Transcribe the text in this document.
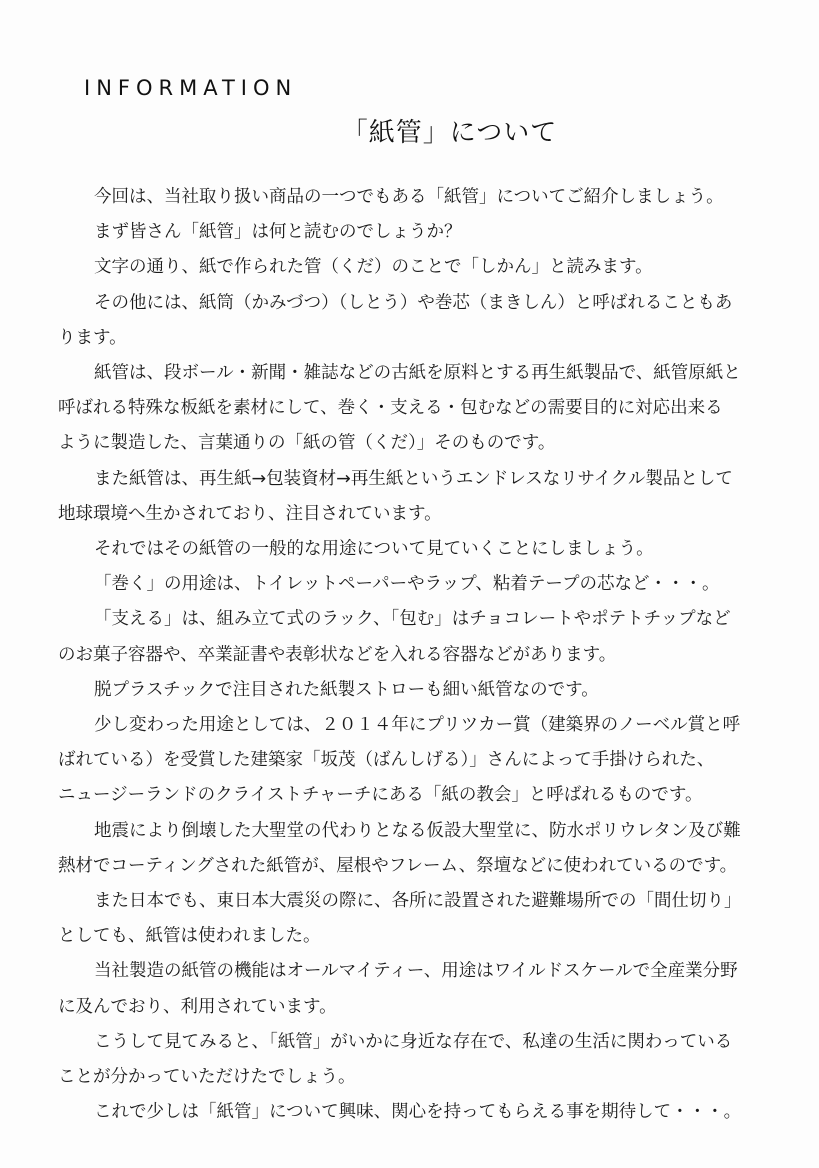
INFORMATION
「紙管」について

今回は、当社取り扱い商品の一つでもある「紙管」についてご紹介しましょう。

まず皆さん「紙管」は何と読むのでしょうか？

文字の通り、紙で作られた管（くだ）のことで「しかん」と読みます。

その他には、紙筒（かみづつ）（しとう）や巻芯（まきしん）と呼ばれることもあ
ります。

紙管は、段ボール・新聞・雑誌などの古紙を原料とする再生紙製品で、紙管原紙と
呼ばれる特殊な板紙を素材にして、巻く・支える・包むなどの需要目的に対応出来る
ように製造した、言葉通りの「紙の管（くだ）」そのものです。

また紙管は、再生紙→包装資材→再生紙というエンドレスなリサイクル製品として
地球環境へ生かされており、注目されています。

それではその紙管の一般的な用途について見ていくことにしましょう。

「巻く」の用途は、トイレットペーパーやラップ、粘着テープの芯など・・・。

「支える」は、組み立て式のラック、「包む」はチョコレートやポテトチップなど
のお菓子容器や、卒業証書や表彰状などを入れる容器などがあります。

脱プラスチックで注目された紙製ストローも細い紙管なのです。

少し変わった用途としては、２０１４年にプリツカー賞（建築界のノーベル賞と呼
ばれている）を受賞した建築家「坂茂（ばんしげる）」さんによって手掛けられた、
ニュージーランドのクライストチャーチにある「紙の教会」と呼ばれるものです。

地震により倒壊した大聖堂の代わりとなる仮設大聖堂に、防水ポリウレタン及び難
熱材でコーティングされた紙管が、屋根やフレーム、祭壇などに使われているのです。

また日本でも、東日本大震災の際に、各所に設置された避難場所での「間仕切り」
としても、紙管は使われました。

当社製造の紙管の機能はオールマイティー、用途はワイルドスケールで全産業分野
に及んでおり、利用されています。

こうして見てみると、「紙管」がいかに身近な存在で、私達の生活に関わっている
ことが分かっていただけたでしょう。

これで少しは「紙管」について興味、関心を持ってもらえる事を期待して・・・。
